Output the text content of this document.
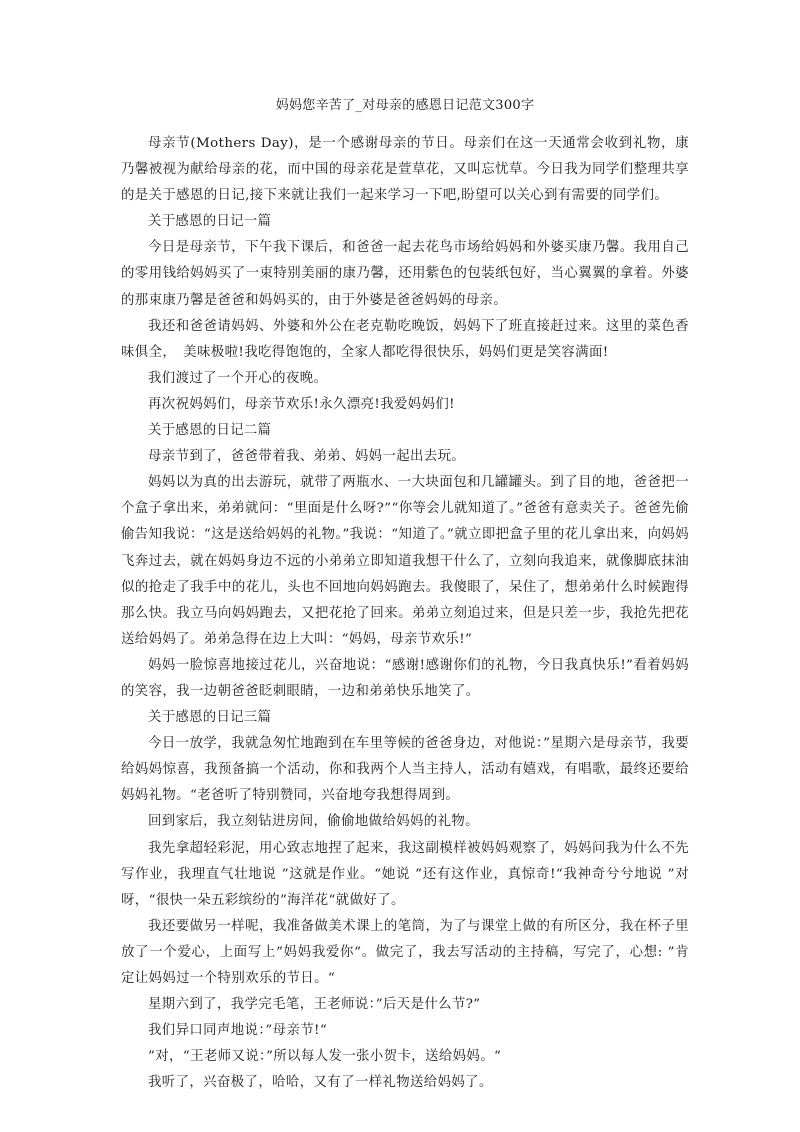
妈妈您辛苦了_对母亲的感恩日记范文300字

母亲节(Mothers Day)，是一个感谢母亲的节日。母亲们在这一天通常会收到礼物，康乃馨被视为献给母亲的花，而中国的母亲花是萱草花，又叫忘忧草。今日我为同学们整理共享的是关于感恩的日记,接下来就让我们一起来学习一下吧,盼望可以关心到有需要的同学们。

关于感恩的日记一篇

今日是母亲节，下午我下课后，和爸爸一起去花鸟市场给妈妈和外婆买康乃馨。我用自己的零用钱给妈妈买了一束特别美丽的康乃馨，还用紫色的包装纸包好，当心翼翼的拿着。外婆的那束康乃馨是爸爸和妈妈买的，由于外婆是爸爸妈妈的母亲。

我还和爸爸请妈妈、外婆和外公在老克勒吃晚饭，妈妈下了班直接赶过来。这里的菜色香味俱全，　美味极啦!我吃得饱饱的，全家人都吃得很快乐，妈妈们更是笑容满面!

我们渡过了一个开心的夜晚。

再次祝妈妈们，母亲节欢乐!永久漂亮!我爱妈妈们!

关于感恩的日记二篇

母亲节到了，爸爸带着我、弟弟、妈妈一起出去玩。

妈妈以为真的出去游玩，就带了两瓶水、一大块面包和几罐罐头。到了目的地，爸爸把一个盒子拿出来，弟弟就问：“里面是什么呀?”“你等会儿就知道了。”爸爸有意卖关子。爸爸先偷偷告知我说：“这是送给妈妈的礼物。”我说：“知道了。”就立即把盒子里的花儿拿出来，向妈妈飞奔过去，就在妈妈身边不远的小弟弟立即知道我想干什么了，立刻向我追来，就像脚底抹油似的抢走了我手中的花儿，头也不回地向妈妈跑去。我傻眼了，呆住了，想弟弟什么时候跑得那么快。我立马向妈妈跑去，又把花抢了回来。弟弟立刻追过来，但是只差一步，我抢先把花送给妈妈了。弟弟急得在边上大叫：“妈妈，母亲节欢乐!”

妈妈一脸惊喜地接过花儿，兴奋地说：“感谢!感谢你们的礼物，今日我真快乐!”看着妈妈的笑容，我一边朝爸爸眨刺眼睛，一边和弟弟快乐地笑了。

关于感恩的日记三篇

今日一放学，我就急匆忙地跑到在车里等候的爸爸身边，对他说：”星期六是母亲节，我要给妈妈惊喜，我预备搞一个活动，你和我两个人当主持人，活动有嬉戏，有唱歌，最终还要给妈妈礼物。“老爸听了特别赞同，兴奋地夸我想得周到。

回到家后，我立刻钻进房间，偷偷地做给妈妈的礼物。

我先拿超轻彩泥，用心致志地捏了起来，我这副模样被妈妈观察了，妈妈问我为什么不先写作业，我理直气壮地说 ”这就是作业。“她说 ”还有这作业，真惊奇!“我神奇兮兮地说 ”对呀，“很快一朵五彩缤纷的”海洋花“就做好了。

我还要做另一样呢，我准备做美术课上的笔筒，为了与课堂上做的有所区分，我在杯子里放了一个爱心，上面写上”妈妈我爱你“。做完了，我去写活动的主持稿，写完了，心想: ”肯定让妈妈过一个特别欢乐的节日。“

星期六到了，我学完毛笔，王老师说：”后天是什么节?”

我们异口同声地说：”母亲节!“

”对，“王老师又说：”所以每人发一张小贺卡，送给妈妈。“

我听了，兴奋极了，哈哈，又有了一样礼物送给妈妈了。
